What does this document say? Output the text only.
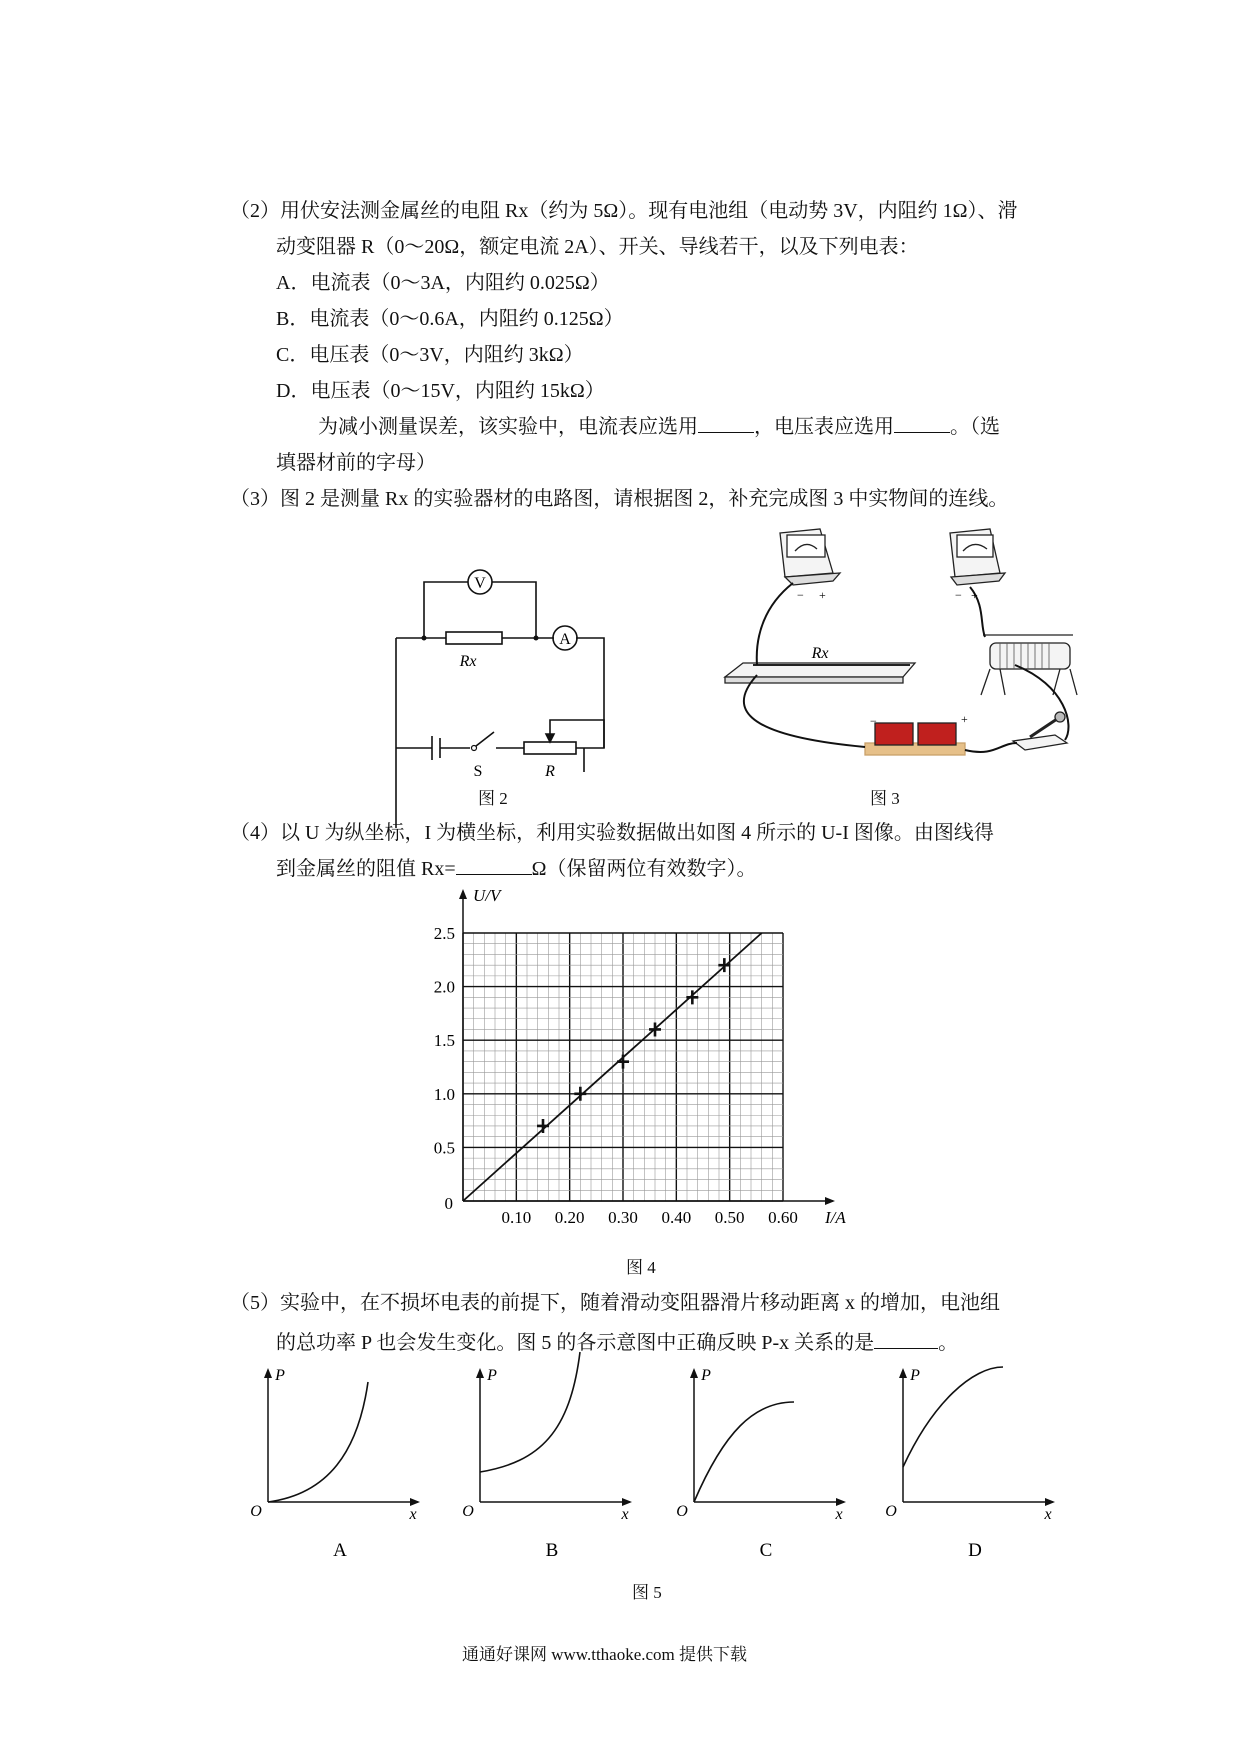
（2）用伏安法测金属丝的电阻 Rx（约为 5Ω）。现有电池组（电动势 3V，内阻约 1Ω）、滑
动变阻器 R（0～20Ω，额定电流 2A）、开关、导线若干，以及下列电表：
A．电流表（0～3A，内阻约 0.025Ω）
B．电流表（0～0.6A，内阻约 0.125Ω）
C．电压表（0～3V，内阻约 3kΩ）
D．电压表（0～15V，内阻约 15kΩ）
为减小测量误差，该实验中，电流表应选用	，电压表应选用	。（选
填器材前的字母）
（3）图 2 是测量 Rx 的实验器材的电路图，请根据图 2，补充完成图 3 中实物间的连线。
V
A
Rx
S	R
图 2
Rx
− +	− +
−	+
图 3
（4）以 U 为纵坐标，I 为横坐标，利用实验数据做出如图 4 所示的 U-I 图像。由图线得
到金属丝的阻值 Rx=	Ω（保留两位有效数字）。
0.10 0.20 0.30 0.40 0.50 0.60
0.5
1.0
1.5
2.0
2.5
0
I/A
U/V
图 4
（5）实验中，在不损坏电表的前提下，随着滑动变阻器滑片移动距离 x 的增加，电池组
的总功率 P 也会发生变化。图 5 的各示意图中正确反映 P-x 关系的是	。
P
O	x
A
P
O	x
B
P
O	x
C
P
O	x
D
图 5
通通好课网 www.tthaoke.com 提供下载
